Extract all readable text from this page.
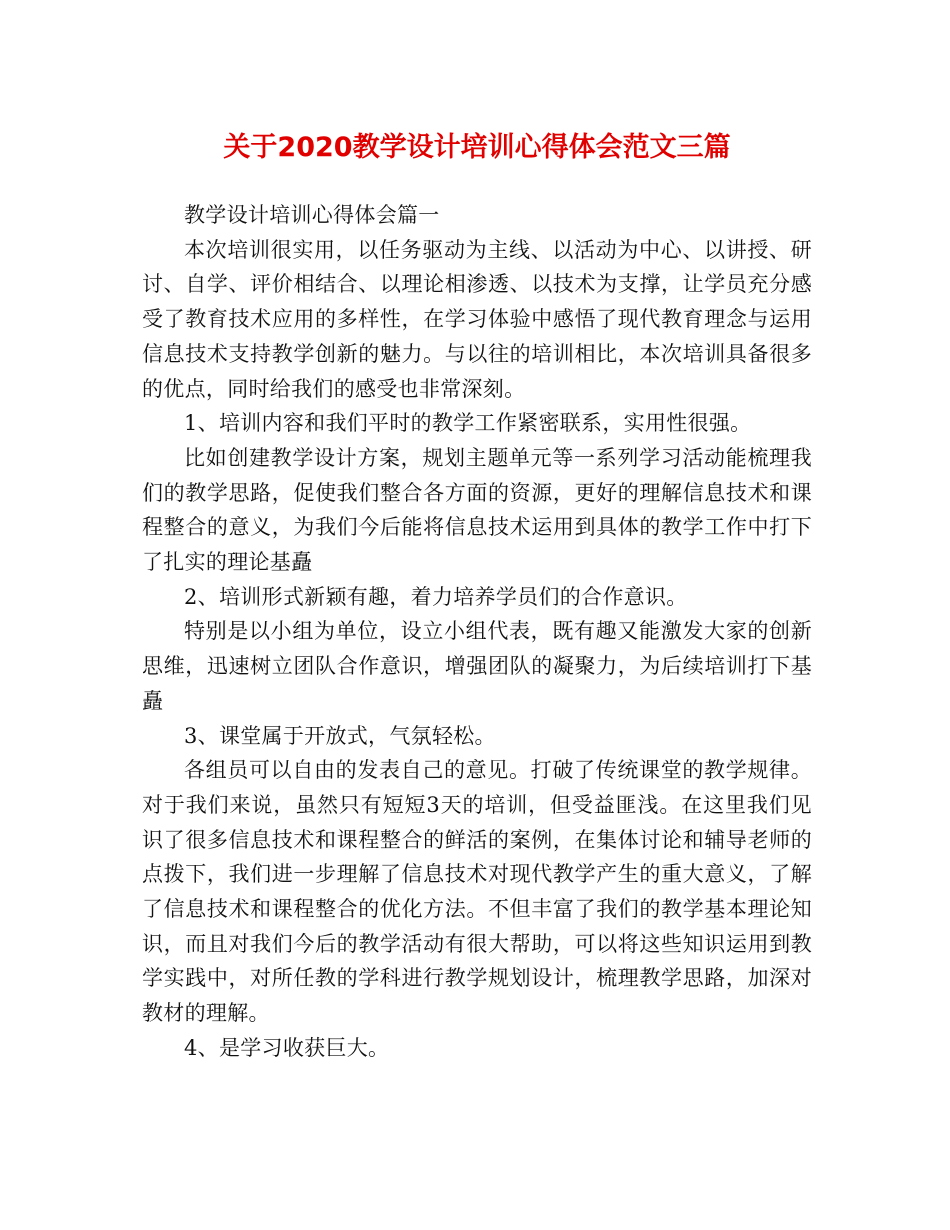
关于2020教学设计培训心得体会范文三篇

教学设计培训心得体会篇一

本次培训很实用，以任务驱动为主线、以活动为中心、以讲授、研讨、自学、评价相结合、以理论相渗透、以技术为支撑，让学员充分感受了教育技术应用的多样性，在学习体验中感悟了现代教育理念与运用信息技术支持教学创新的魅力。与以往的培训相比，本次培训具备很多的优点，同时给我们的感受也非常深刻。

1、培训内容和我们平时的教学工作紧密联系，实用性很强。

比如创建教学设计方案，规划主题单元等一系列学习活动能梳理我们的教学思路，促使我们整合各方面的资源，更好的理解信息技术和课程整合的意义，为我们今后能将信息技术运用到具体的教学工作中打下了扎实的理论基矗

2、培训形式新颖有趣，着力培养学员们的合作意识。

特别是以小组为单位，设立小组代表，既有趣又能激发大家的创新思维，迅速树立团队合作意识，增强团队的凝聚力，为后续培训打下基矗

3、课堂属于开放式，气氛轻松。

各组员可以自由的发表自己的意见。打破了传统课堂的教学规律。对于我们来说，虽然只有短短3天的培训，但受益匪浅。在这里我们见识了很多信息技术和课程整合的鲜活的案例，在集体讨论和辅导老师的点拨下，我们进一步理解了信息技术对现代教学产生的重大意义，了解了信息技术和课程整合的优化方法。不但丰富了我们的教学基本理论知识，而且对我们今后的教学活动有很大帮助，可以将这些知识运用到教学实践中，对所任教的学科进行教学规划设计，梳理教学思路，加深对教材的理解。

4、是学习收获巨大。
